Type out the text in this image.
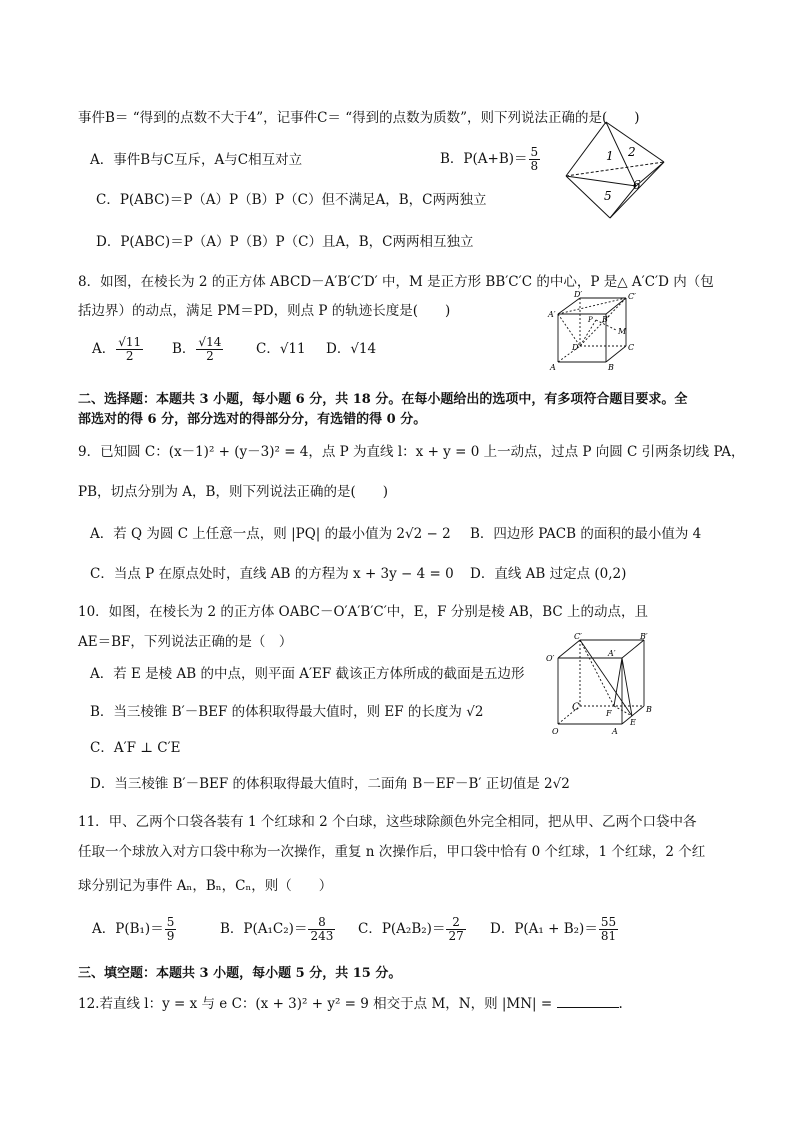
事件B＝ “得到的点数不大于4”，记事件C＝ “得到的点数为质数”，则下列说法正确的是(　　)
A．事件B与C互斥，A与C相互对立	B．$P(A+B)= \frac{5}{8}$
C．P(ABC)＝P（A）P（B）P（C）但不满足A，B，C两两独立
D．P(ABC)＝P（A）P（B）P（C）且A，B，C两两相互独立
1 2
5
6
8．如图，在棱长为 2 的正方体 ABCD－A′B′C′D′ 中，M 是正方形 BB′C′C 的中心，P 是△ A′C′D 内（包
括边界）的动点，满足 PM＝PD，则点 P 的轨迹长度是(　　)
A． $\frac{√11}{2}$ B． $\frac{√14}{2}$ C．√11 D．√14
D′	C′
A′
B′
P
M
D	C
A	B
二、选择题：本题共 3 小题，每小题 6 分，共 18 分。在每小题给出的选项中，有多项符合题目要求。全
部选对的得 6 分，部分选对的得部分分，有选错的得 0 分。
9．已知圆 C：(x－1)² + (y－3)² = 4，点 P 为直线 l：x + y = 0 上一动点，过点 P 向圆 C 引两条切线 PA，
PB，切点分别为 A，B，则下列说法正确的是(　　)
A．若 Q 为圆 C 上任意一点，则 |PQ| 的最小值为 2√2 − 2 B．四边形 PACB 的面积的最小值为 4
C．当点 P 在原点处时，直线 AB 的方程为 x + 3y − 4 = 0 D．直线 AB 过定点 (0,2)
10．如图，在棱长为 2 的正方体 OABC－O′A′B′C′中，E，F 分别是棱 AB，BC 上的动点，且
AE＝BF，下列说法正确的是（　）
A．若 E 是棱 AB 的中点，则平面 A′EF 截该正方体所成的截面是五边形
B．当三棱锥 B′－BEF 的体积取得最大值时，则 EF 的长度为 √2
C．A′F ⊥ C′E
D．当三棱锥 B′－BEF 的体积取得最大值时，二面角 B－EF－B′ 正切值是 2√2
C′	B′
O′
A′
C
F	B
O	A
E
11．甲、乙两个口袋各装有 1 个红球和 2 个白球，这些球除颜色外完全相同，把从甲、乙两个口袋中各
任取一个球放入对方口袋中称为一次操作，重复 n 次操作后，甲口袋中恰有 0 个红球，1 个红球，2 个红
球分别记为事件 Aₙ，Bₙ，Cₙ，则（　　）
A．$P(B_1)= \frac{5}{9}$	B．$P(A_1C_2)= \frac{8}{243}$ C．$P(A_2B_2)= \frac{2}{27}$ D．$P(A_1 + B_2)= \frac{55}{81}$
三、填空题：本题共 3 小题，每小题 5 分，共 15 分。
12.若直线 l：y = x 与 e C：(x + 3)² + y² = 9 相交于点 M，N，则 |MN| =	.
